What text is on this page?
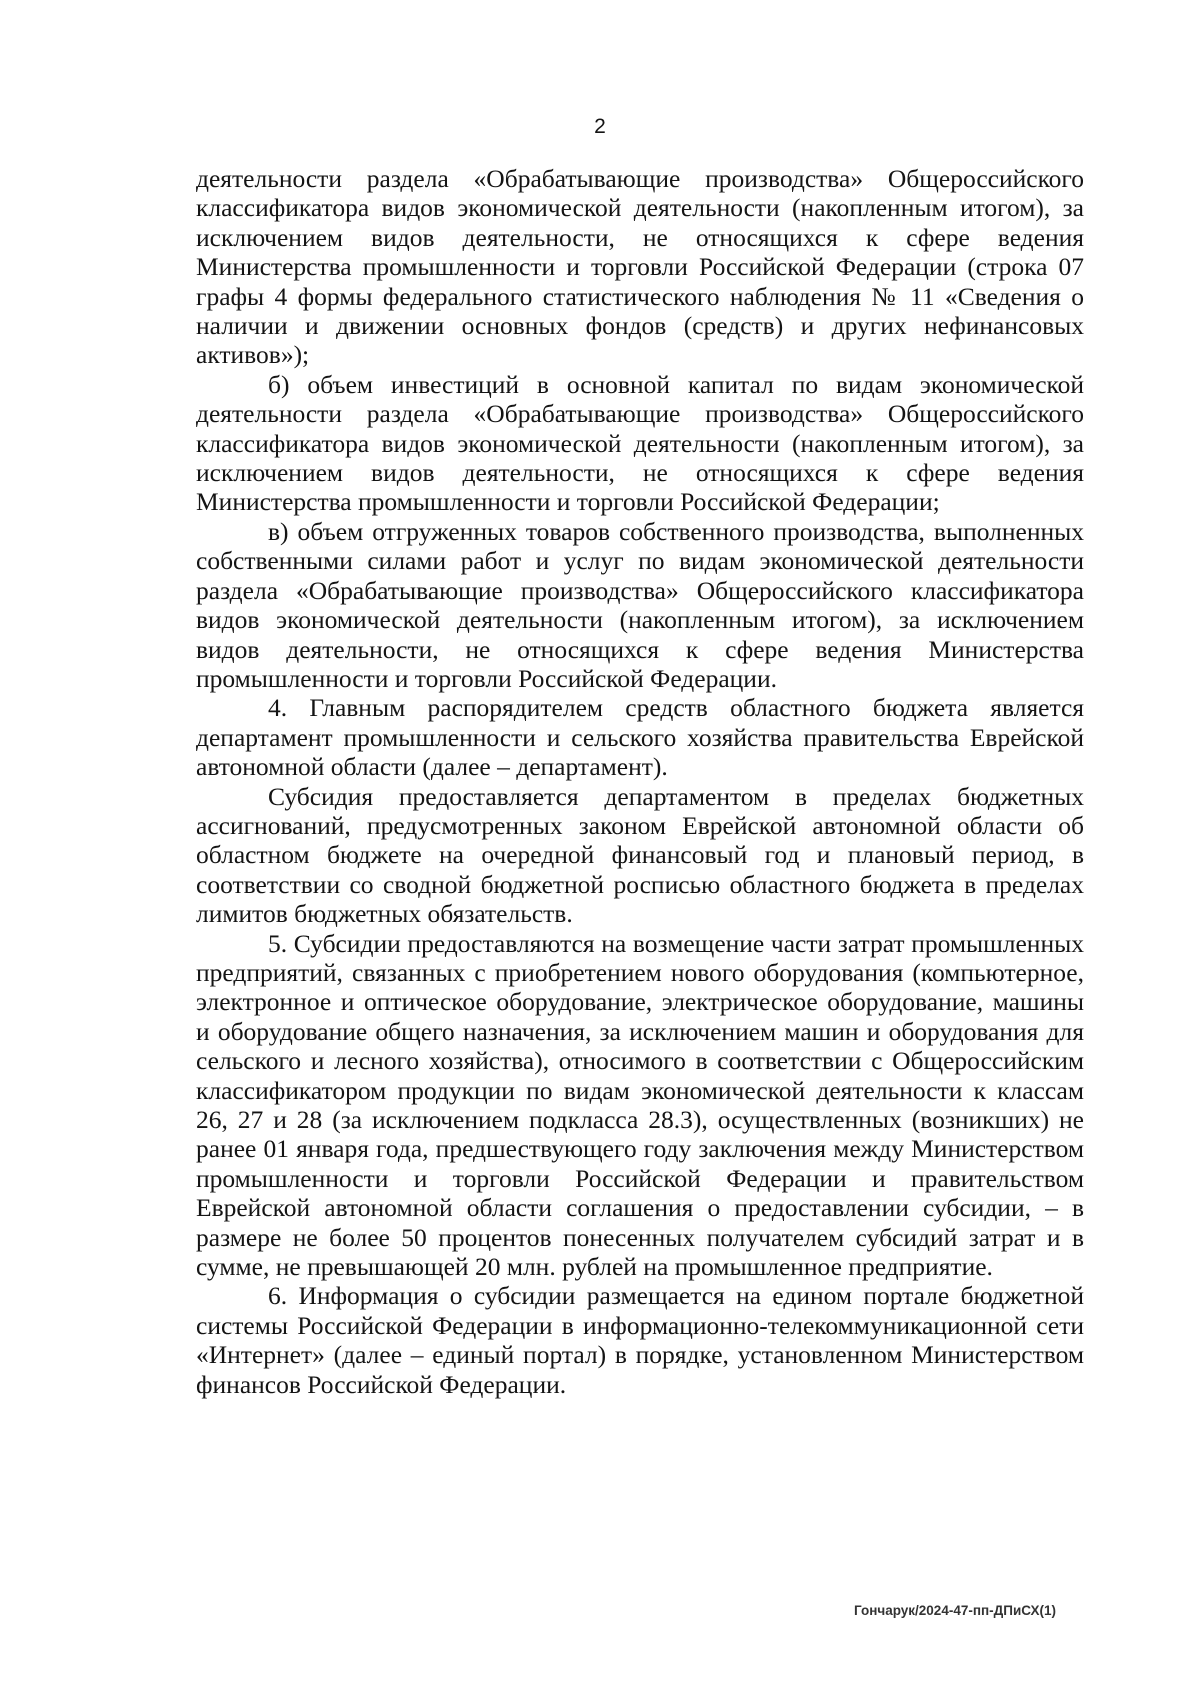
2

деятельности раздела «Обрабатывающие производства» Общероссийского классификатора видов экономической деятельности (накопленным итогом), за исключением видов деятельности, не относящихся к сфере ведения Министерства промышленности и торговли Российской Федерации (строка 07 графы 4 формы федерального статистического наблюдения № 11 «Сведения о наличии и движении основных фондов (средств) и других нефинансовых активов»);

б) объем инвестиций в основной капитал по видам экономической деятельности раздела «Обрабатывающие производства» Общероссийского классификатора видов экономической деятельности (накопленным итогом), за исключением видов деятельности, не относящихся к сфере ведения Министерства промышленности и торговли Российской Федерации;

в) объем отгруженных товаров собственного производства, выполненных собственными силами работ и услуг по видам экономической деятельности раздела «Обрабатывающие производства» Общероссийского классификатора видов экономической деятельности (накопленным итогом), за исключением видов деятельности, не относящихся к сфере ведения Министерства промышленности и торговли Российской Федерации.

4. Главным распорядителем средств областного бюджета является департамент промышленности и сельского хозяйства правительства Еврейской автономной области (далее – департамент).

Субсидия предоставляется департаментом в пределах бюджетных ассигнований, предусмотренных законом Еврейской автономной области об областном бюджете на очередной финансовый год и плановый период, в соответствии со сводной бюджетной росписью областного бюджета в пределах лимитов бюджетных обязательств.

5. Субсидии предоставляются на возмещение части затрат промышленных предприятий, связанных с приобретением нового оборудования (компьютерное, электронное и оптическое оборудование, электрическое оборудование, машины и оборудование общего назначения, за исключением машин и оборудования для сельского и лесного хозяйства), относимого в соответствии с Общероссийским классификатором продукции по видам экономической деятельности к классам 26, 27 и 28 (за исключением подкласса 28.3), осуществленных (возникших) не ранее 01 января года, предшествующего году заключения между Министерством промышленности и торговли Российской Федерации и правительством Еврейской автономной области соглашения о предоставлении субсидии, – в размере не более 50 процентов понесенных получателем субсидий затрат и в сумме, не превышающей 20 млн. рублей на промышленное предприятие.

6. Информация о субсидии размещается на едином портале бюджетной системы Российской Федерации в информационно-телекоммуникационной сети «Интернет» (далее – единый портал) в порядке, установленном Министерством финансов Российской Федерации.

Гончарук/2024-47-пп-ДПиСХ(1)
